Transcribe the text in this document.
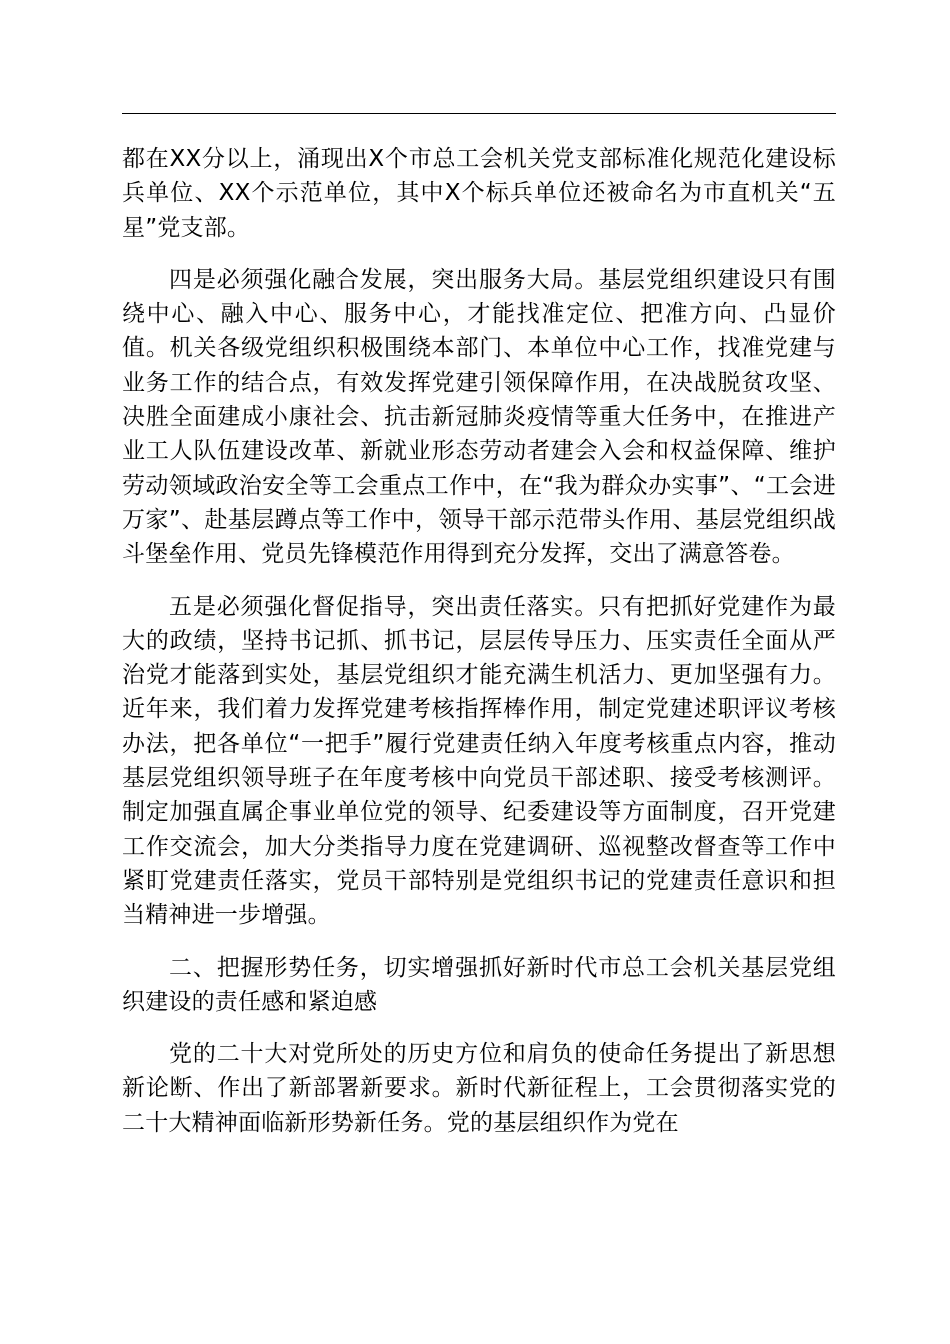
都在XX分以上，涌现出X个市总工会机关党支部标准化规范化建设标兵单位、XX个示范单位，其中X个标兵单位还被命名为市直机关“五星”党支部。

四是必须强化融合发展，突出服务大局。基层党组织建设只有围绕中心、融入中心、服务中心，才能找准定位、把准方向、凸显价值。机关各级党组织积极围绕本部门、本单位中心工作，找准党建与业务工作的结合点，有效发挥党建引领保障作用，在决战脱贫攻坚、决胜全面建成小康社会、抗击新冠肺炎疫情等重大任务中，在推进产业工人队伍建设改革、新就业形态劳动者建会入会和权益保障、维护劳动领域政治安全等工会重点工作中，在“我为群众办实事”、“工会进万家”、赴基层蹲点等工作中，领导干部示范带头作用、基层党组织战斗堡垒作用、党员先锋模范作用得到充分发挥，交出了满意答卷。

五是必须强化督促指导，突出责任落实。只有把抓好党建作为最大的政绩，坚持书记抓、抓书记，层层传导压力、压实责任全面从严治党才能落到实处，基层党组织才能充满生机活力、更加坚强有力。近年来，我们着力发挥党建考核指挥棒作用，制定党建述职评议考核办法，把各单位“一把手”履行党建责任纳入年度考核重点内容，推动基层党组织领导班子在年度考核中向党员干部述职、接受考核测评。制定加强直属企事业单位党的领导、纪委建设等方面制度，召开党建工作交流会，加大分类指导力度在党建调研、巡视整改督查等工作中紧盯党建责任落实，党员干部特别是党组织书记的党建责任意识和担当精神进一步增强。

二、把握形势任务，切实增强抓好新时代市总工会机关基层党组织建设的责任感和紧迫感

党的二十大对党所处的历史方位和肩负的使命任务提出了新思想新论断、作出了新部署新要求。新时代新征程上，工会贯彻落实党的二十大精神面临新形势新任务。党的基层组织作为党在
